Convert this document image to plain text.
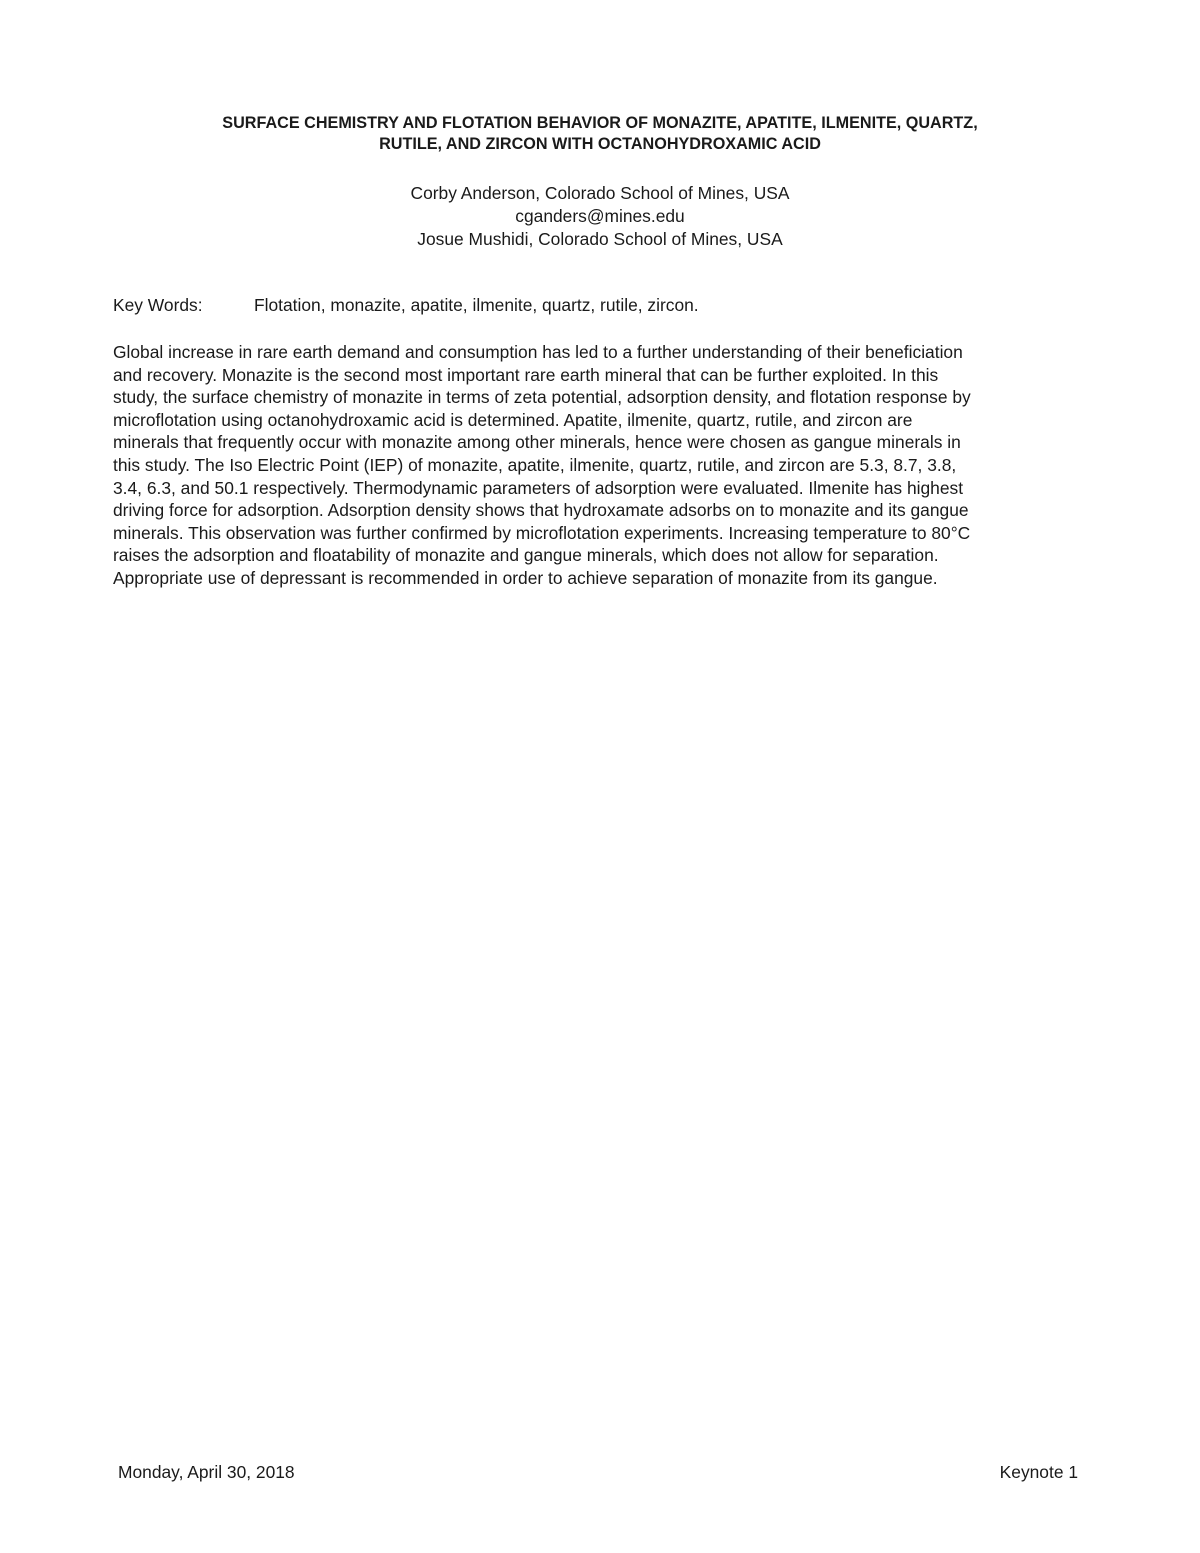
SURFACE CHEMISTRY AND FLOTATION BEHAVIOR OF MONAZITE, APATITE, ILMENITE, QUARTZ,
RUTILE, AND ZIRCON WITH OCTANOHYDROXAMIC ACID
Corby Anderson, Colorado School of Mines, USA
cganders@mines.edu
Josue Mushidi, Colorado School of Mines, USA
Key Words:	Flotation, monazite, apatite, ilmenite, quartz, rutile, zircon.
Global increase in rare earth demand and consumption has led to a further understanding of their beneficiation
and recovery. Monazite is the second most important rare earth mineral that can be further exploited. In this
study, the surface chemistry of monazite in terms of zeta potential, adsorption density, and flotation response by
microflotation using octanohydroxamic acid is determined. Apatite, ilmenite, quartz, rutile, and zircon are
minerals that frequently occur with monazite among other minerals, hence were chosen as gangue minerals in
this study. The Iso Electric Point (IEP) of monazite, apatite, ilmenite, quartz, rutile, and zircon are 5.3, 8.7, 3.8,
3.4, 6.3, and 50.1 respectively. Thermodynamic parameters of adsorption were evaluated. Ilmenite has highest
driving force for adsorption. Adsorption density shows that hydroxamate adsorbs on to monazite and its gangue
minerals. This observation was further confirmed by microflotation experiments. Increasing temperature to 80°C
raises the adsorption and floatability of monazite and gangue minerals, which does not allow for separation.
Appropriate use of depressant is recommended in order to achieve separation of monazite from its gangue.
Monday, April 30, 2018	Keynote 1
